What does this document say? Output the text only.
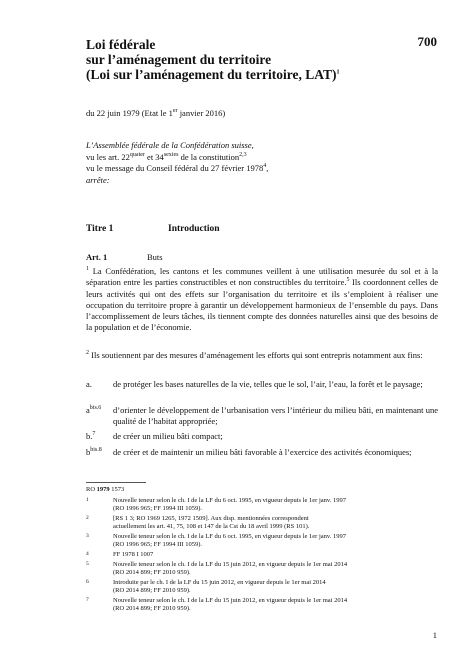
700
Loi fédérale
sur l’aménagement du territoire
(Loi sur l’aménagement du territoire, LAT)$^1$
du 22 juin 1979 (Etat le 1er janvier 2016)
L’Assemblée fédérale de la Confédération suisse,
vu les art. $22^{quater}$ et $34^{sexies}$ de la constitution$^{2,3}$
vu le message du Conseil fédéral du 27 février 1978$^4$,
arrête:
Titre 1	Introduction
Art. 1	Buts
$^1$ La Confédération, les cantons et les communes veillent à une utilisation mesurée du sol et à la séparation entre les parties constructibles et non constructibles du territoire.$^5$ Ils coordonnent celles de leurs activités qui ont des effets sur l’organisation du territoire et ils s’emploient à réaliser une occupation du territoire propre à garantir un développement harmonieux de l’ensemble du pays. Dans l’accomplissement de leurs tâches, ils tiennent compte des données naturelles ainsi que des besoins de la population et de l’économie.
$^2$ Ils soutiennent par des mesures d’aménagement les efforts qui sont entrepris notamment aux fins:
a. de protéger les bases naturelles de la vie, telles que le sol, l’air, l’eau, la forêt et le paysage;
$a^{bis.6}$ d’orienter le développement de l’urbanisation vers l’intérieur du milieu bâti, en maintenant une qualité de l’habitat appropriée;
b.$^7$ de créer un milieu bâti compact;
$b^{bis.8}$ de créer et de maintenir un milieu bâti favorable à l’exercice des activités économiques;
RO 1979 1573
1	Nouvelle teneur selon le ch. I de la LF du 6 oct. 1995, en vigueur depuis le 1er janv. 1997
(RO 1996 965; FF 1994 III 1059).
2	[RS 1 3; RO 1969 1265, 1972 1509]. Aux disp. mentionnées correspondent
actuellement les art. 41, 75, 108 et 147 de la Cst du 18 avril 1999 (RS 101).
3	Nouvelle teneur selon le ch. I de la LF du 6 oct. 1995, en vigueur depuis le 1er janv. 1997
(RO 1996 965; FF 1994 III 1059).
4	FF 1978 I 1007
5	Nouvelle teneur selon le ch. I de la LF du 15 juin 2012, en vigueur depuis le 1er mai 2014
(RO 2014 899; FF 2010 959).
6	Introduite par le ch. I de la LF du 15 juin 2012, en vigueur depuis le 1er mai 2014
(RO 2014 899; FF 2010 959).
7	Nouvelle teneur selon le ch. I de la LF du 15 juin 2012, en vigueur depuis le 1er mai 2014
(RO 2014 899; FF 2010 959).
1
